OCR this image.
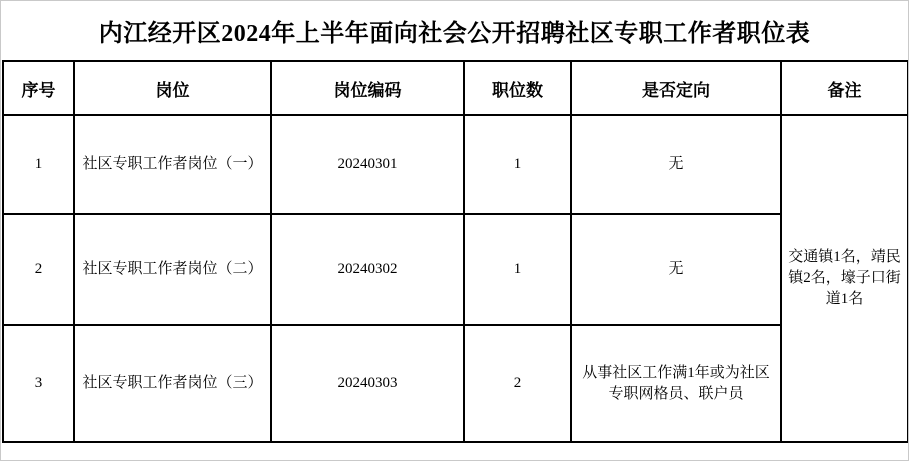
内江经开区2024年上半年面向社会公开招聘社区专职工作者职位表
序号	岗位	岗位编码	职位数	是否定向	备注
1	社区专职工作者岗位（一）	20240301	1	无	交通镇1名，靖民镇2名，壕子口街道1名
2	社区专职工作者岗位（二）	20240302	1	无	
3	社区专职工作者岗位（三）	20240303	2	从事社区工作满1年或为社区专职网格员、联户员	
